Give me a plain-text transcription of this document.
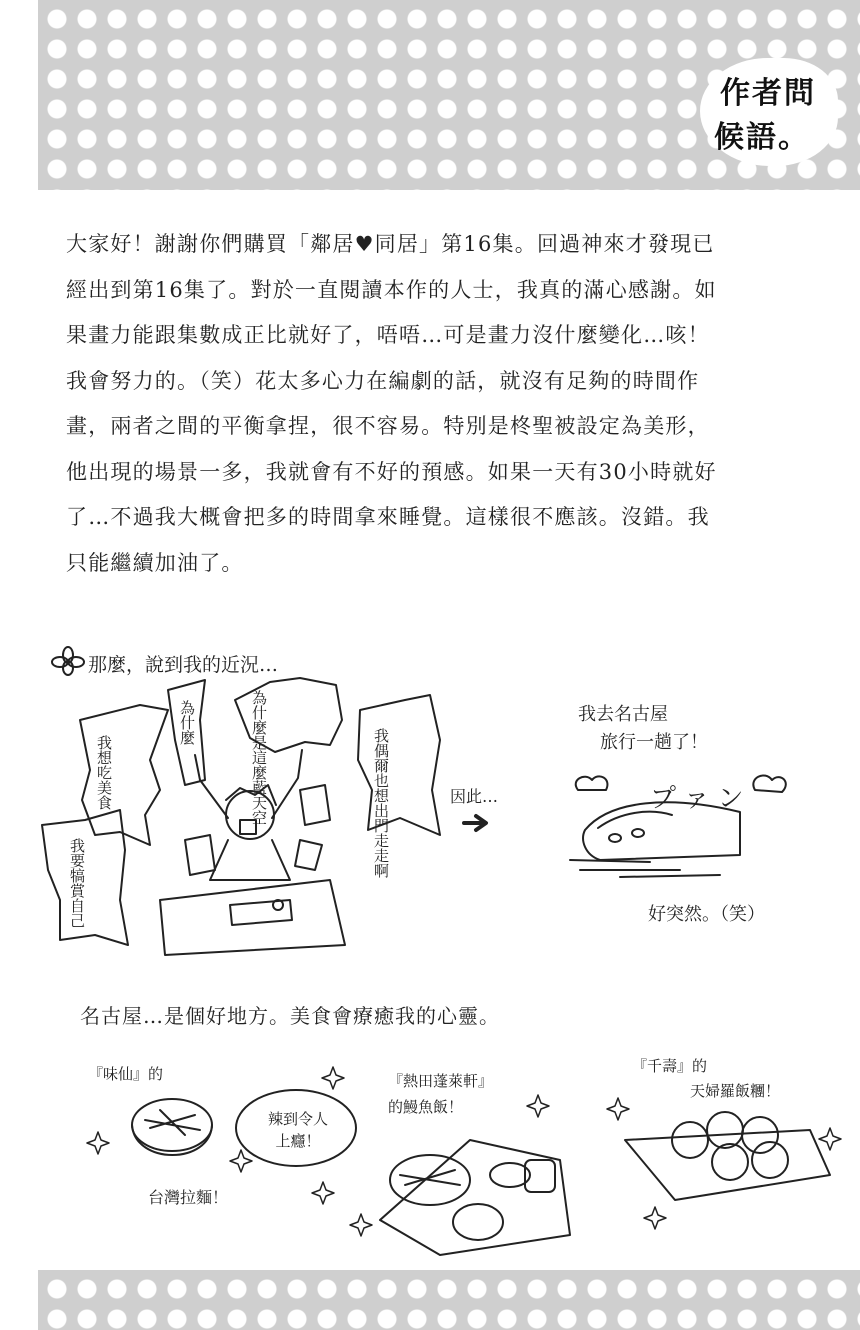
作者問
候語。
大家好！謝謝你們購買「鄰居♥同居」第16集。回過神來才發現已
經出到第16集了。對於一直閱讀本作的人士，我真的滿心感謝。如
果畫力能跟集數成正比就好了，唔唔…可是畫力沒什麼變化…咳！
我會努力的。（笑）花太多心力在編劇的話，就沒有足夠的時間作
畫，兩者之間的平衡拿捏，很不容易。特別是柊聖被設定為美形，
他出現的場景一多，我就會有不好的預感。如果一天有30小時就好
了…不過我大概會把多的時間拿來睡覺。這樣很不應該。沒錯。我
只能繼續加油了。
那麼，說到我的近況…
我想吃美食
為什麼	為什麼是這麼藍天空	我偶爾也想出門走走啊
我要犒賞自己
因此…
我去名古屋
旅行一趟了！
プァン
好突然。（笑）
名古屋…是個好地方。美食會療癒我的心靈。
『味仙』的
台灣拉麵！
辣到令人上癮！
『熱田蓬萊軒』
的鰻魚飯！
『千壽』的
天婦羅飯糰！
